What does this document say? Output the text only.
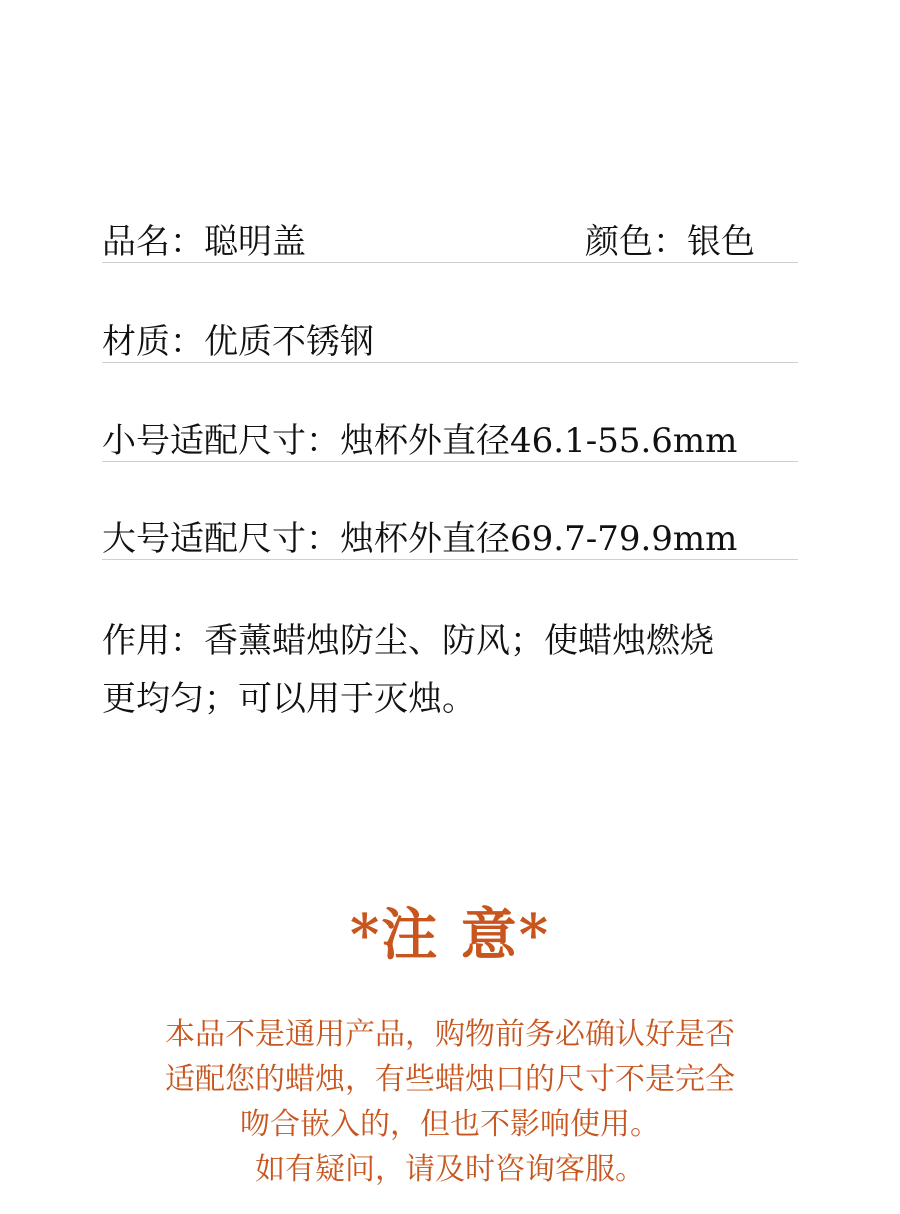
品名：聪明盖	颜色：银色
材质：优质不锈钢
小号适配尺寸：烛杯外直径46.1-55.6mm
大号适配尺寸：烛杯外直径69.7-79.9mm
作用：香薰蜡烛防尘、防风；使蜡烛燃烧
更均匀；可以用于灭烛。
*注 意*
本品不是通用产品，购物前务必确认好是否
适配您的蜡烛，有些蜡烛口的尺寸不是完全
吻合嵌入的，但也不影响使用。
如有疑问，请及时咨询客服。
